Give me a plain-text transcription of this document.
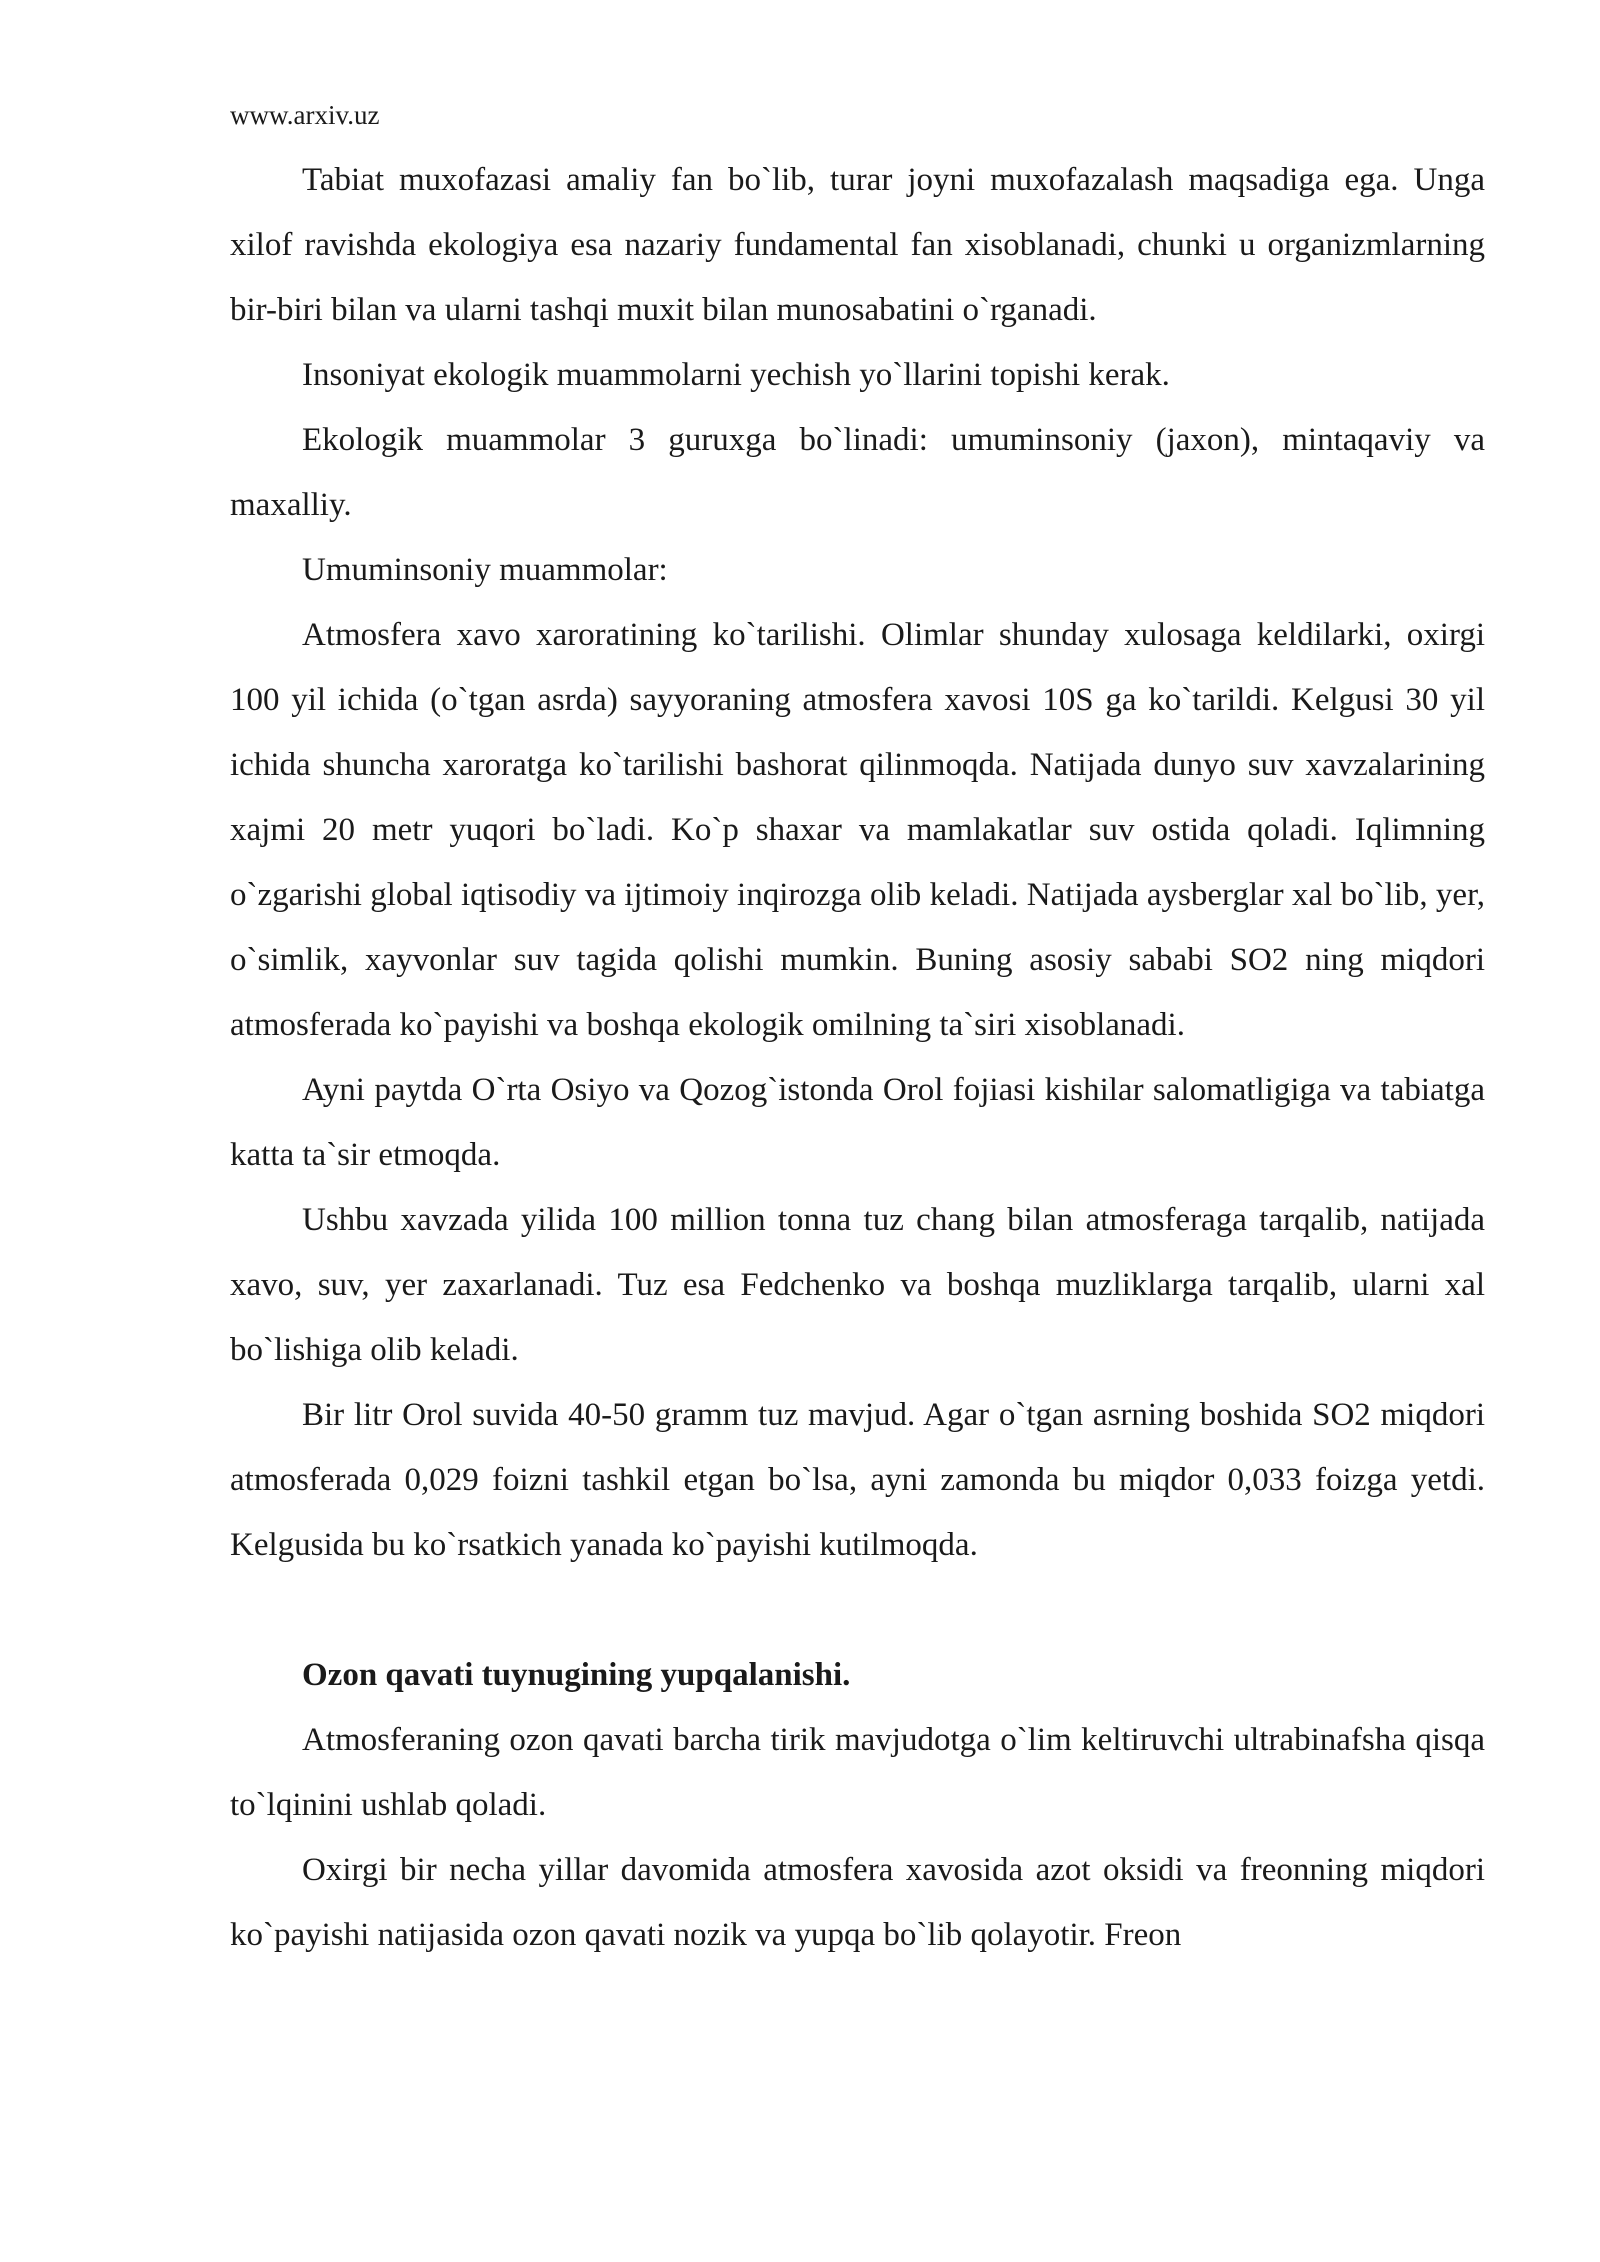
www.arxiv.uz

Tabiat muxofazasi amaliy fan bo`lib, turar joyni muxofazalash maqsadiga ega. Unga xilof ravishda ekologiya esa nazariy fundamental fan xisoblanadi, chunki u organizmlarning bir-biri bilan va ularni tashqi muxit bilan munosabatini o`rganadi.

Insoniyat ekologik muammolarni yechish yo`llarini topishi kerak.

Ekologik muammolar 3 guruxga bo`linadi: umuminsoniy (jaxon), mintaqaviy va maxalliy.

Umuminsoniy muammolar:

Atmosfera xavo xaroratining ko`tarilishi. Olimlar shunday xulosaga keldilarki, oxirgi 100 yil ichida (o`tgan asrda) sayyoraning atmosfera xavosi 10S ga ko`tarildi. Kelgusi 30 yil ichida shuncha xaroratga ko`tarilishi bashorat qilinmoqda. Natijada dunyo suv xavzalarining xajmi 20 metr yuqori bo`ladi. Ko`p shaxar va mamlakatlar suv ostida qoladi. Iqlimning o`zgarishi global iqtisodiy va ijtimoiy inqirozga olib keladi. Natijada aysberglar xal bo`lib, yer, o`simlik, xayvonlar suv tagida qolishi mumkin. Buning asosiy sababi SO2 ning miqdori atmosferada ko`payishi va boshqa ekologik omilning ta`siri xisoblanadi.

Ayni paytda O`rta Osiyo va Qozog`istonda Orol fojiasi kishilar salomatligiga va tabiatga katta ta`sir etmoqda.

Ushbu xavzada yilida 100 million tonna tuz chang bilan atmosferaga tarqalib, natijada xavo, suv, yer zaxarlanadi. Tuz esa Fedchenko va boshqa muzliklarga tarqalib, ularni xal bo`lishiga olib keladi.

Bir litr Orol suvida 40-50 gramm tuz mavjud. Agar o`tgan asrning boshida SO2 miqdori atmosferada 0,029 foizni tashkil etgan bo`lsa, ayni zamonda bu miqdor 0,033 foizga yetdi. Kelgusida bu ko`rsatkich yanada ko`payishi kutilmoqda.

Ozon qavati tuynugining yupqalanishi.

Atmosferaning ozon qavati barcha tirik mavjudotga o`lim keltiruvchi ultrabinafsha qisqa to`lqinini ushlab qoladi.

Oxirgi bir necha yillar davomida atmosfera xavosida azot oksidi va freonning miqdori ko`payishi natijasida ozon qavati nozik va yupqa bo`lib qolayotir. Freon
